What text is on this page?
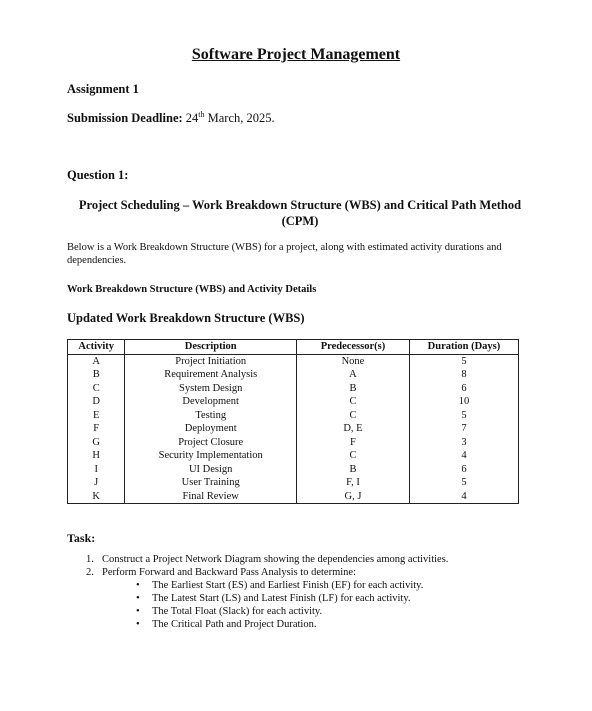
Software Project Management
Assignment 1
Submission Deadline: 24th March, 2025.
Question 1:
Project Scheduling – Work Breakdown Structure (WBS) and Critical Path Method (CPM)
Below is a Work Breakdown Structure (WBS) for a project, along with estimated activity durations and dependencies.
Work Breakdown Structure (WBS) and Activity Details
Updated Work Breakdown Structure (WBS)
Activity	Description	Predecessor(s)	Duration (Days)
A	Project Initiation	None	5
B	Requirement Analysis	A	8
C	System Design	B	6
D	Development	C	10
E	Testing	C	5
F	Deployment	D, E	7
G	Project Closure	F	3
H	Security Implementation	C	4
I	UI Design	B	6
J	User Training	F, I	5
K	Final Review	G, J	4
Task:
1. Construct a Project Network Diagram showing the dependencies among activities.
2. Perform Forward and Backward Pass Analysis to determine:
• The Earliest Start (ES) and Earliest Finish (EF) for each activity.
• The Latest Start (LS) and Latest Finish (LF) for each activity.
• The Total Float (Slack) for each activity.
• The Critical Path and Project Duration.
